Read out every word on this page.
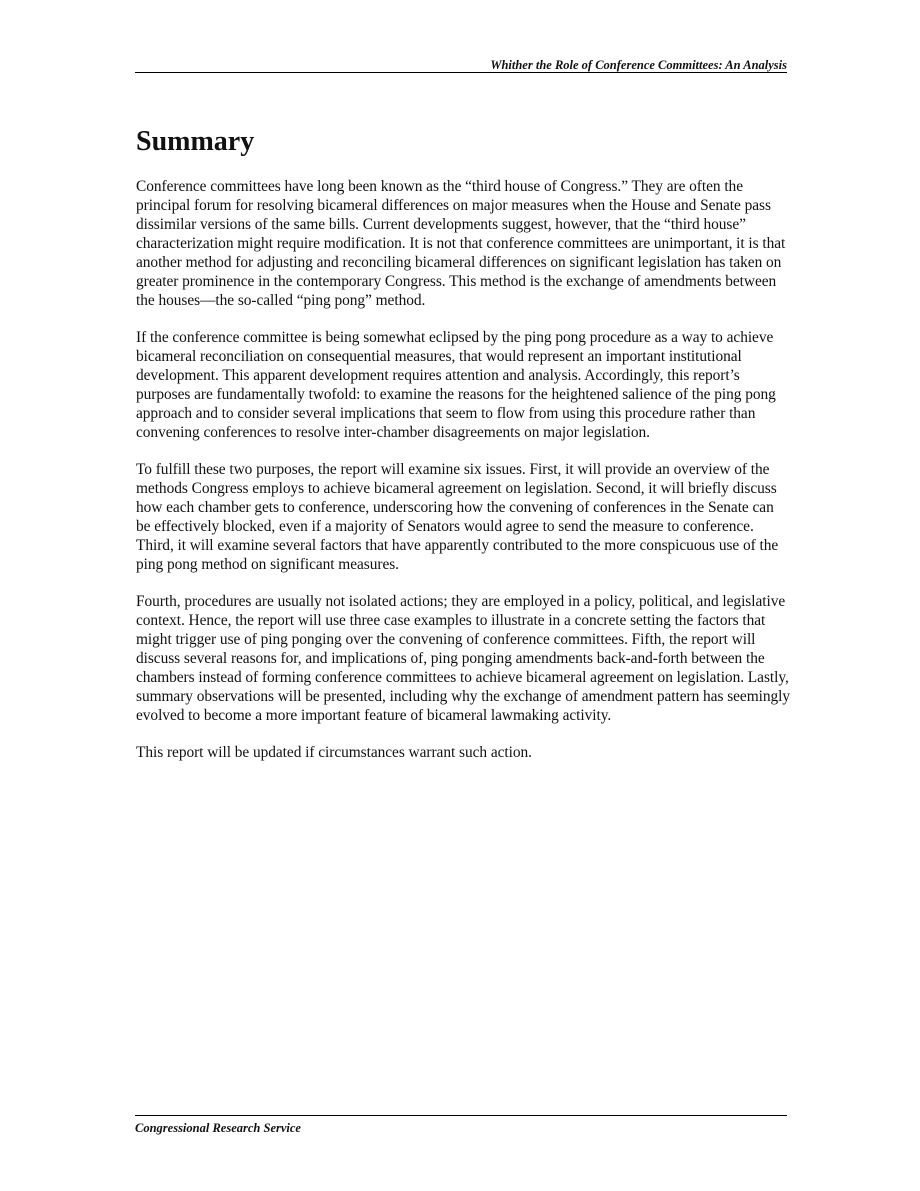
Whither the Role of Conference Committees: An Analysis
Summary

Conference committees have long been known as the “third house of Congress.” They are often the principal forum for resolving bicameral differences on major measures when the House and Senate pass dissimilar versions of the same bills. Current developments suggest, however, that the “third house” characterization might require modification. It is not that conference committees are unimportant, it is that another method for adjusting and reconciling bicameral differences on significant legislation has taken on greater prominence in the contemporary Congress. This method is the exchange of amendments between the houses—the so-called “ping pong” method.

If the conference committee is being somewhat eclipsed by the ping pong procedure as a way to achieve bicameral reconciliation on consequential measures, that would represent an important institutional development. This apparent development requires attention and analysis. Accordingly, this report’s purposes are fundamentally twofold: to examine the reasons for the heightened salience of the ping pong approach and to consider several implications that seem to flow from using this procedure rather than convening conferences to resolve inter-chamber disagreements on major legislation.

To fulfill these two purposes, the report will examine six issues. First, it will provide an overview of the methods Congress employs to achieve bicameral agreement on legislation. Second, it will briefly discuss how each chamber gets to conference, underscoring how the convening of conferences in the Senate can be effectively blocked, even if a majority of Senators would agree to send the measure to conference. Third, it will examine several factors that have apparently contributed to the more conspicuous use of the ping pong method on significant measures.

Fourth, procedures are usually not isolated actions; they are employed in a policy, political, and legislative context. Hence, the report will use three case examples to illustrate in a concrete setting the factors that might trigger use of ping ponging over the convening of conference committees. Fifth, the report will discuss several reasons for, and implications of, ping ponging amendments back-and-forth between the chambers instead of forming conference committees to achieve bicameral agreement on legislation. Lastly, summary observations will be presented, including why the exchange of amendment pattern has seemingly evolved to become a more important feature of bicameral lawmaking activity.

This report will be updated if circumstances warrant such action.

Congressional Research Service
